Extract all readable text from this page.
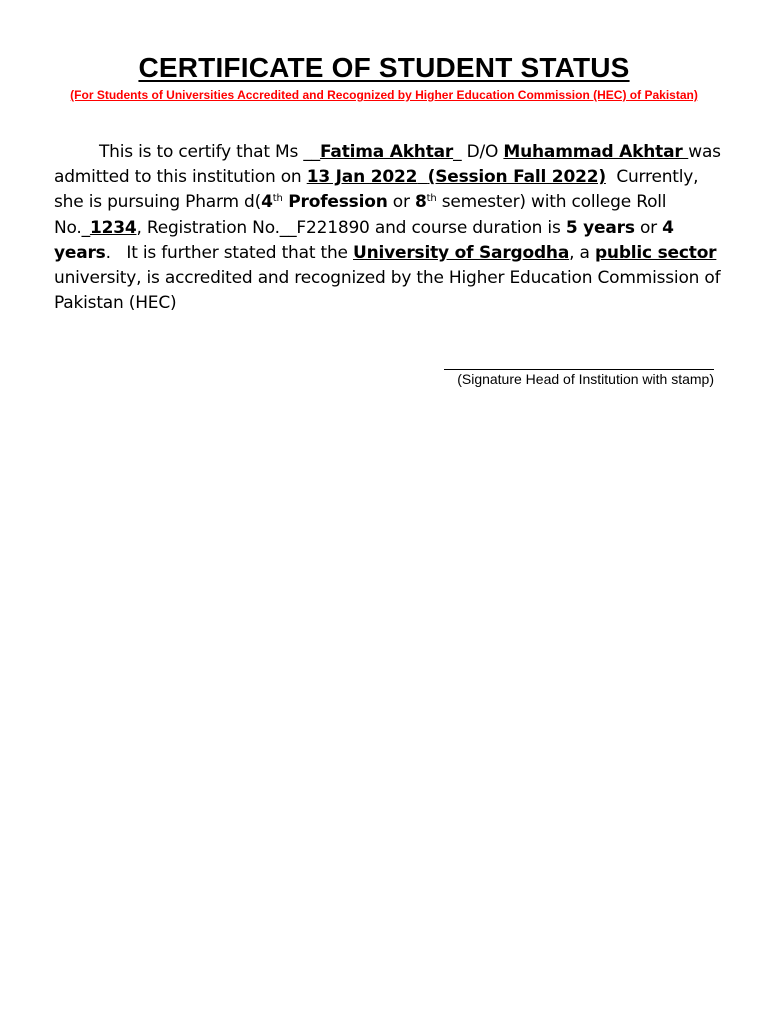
CERTIFICATE OF STUDENT STATUS

(For Students of Universities Accredited and Recognized by Higher Education Commission (HEC) of Pakistan)

This is to certify that Ms __Fatima Akhtar_ D/O Muhammad Akhtar was admitted to this institution on 13 Jan 2022 (Session Fall 2022)  Currently, she is pursuing Pharm d(4th Profession or 8th semester) with college Roll No._1234, Registration No.__F221890 and course duration is 5 years or 4 years.   It is further stated that the University of Sargodha, a public sector university, is accredited and recognized by the Higher Education Commission of Pakistan (HEC)

(Signature Head of Institution with stamp)
